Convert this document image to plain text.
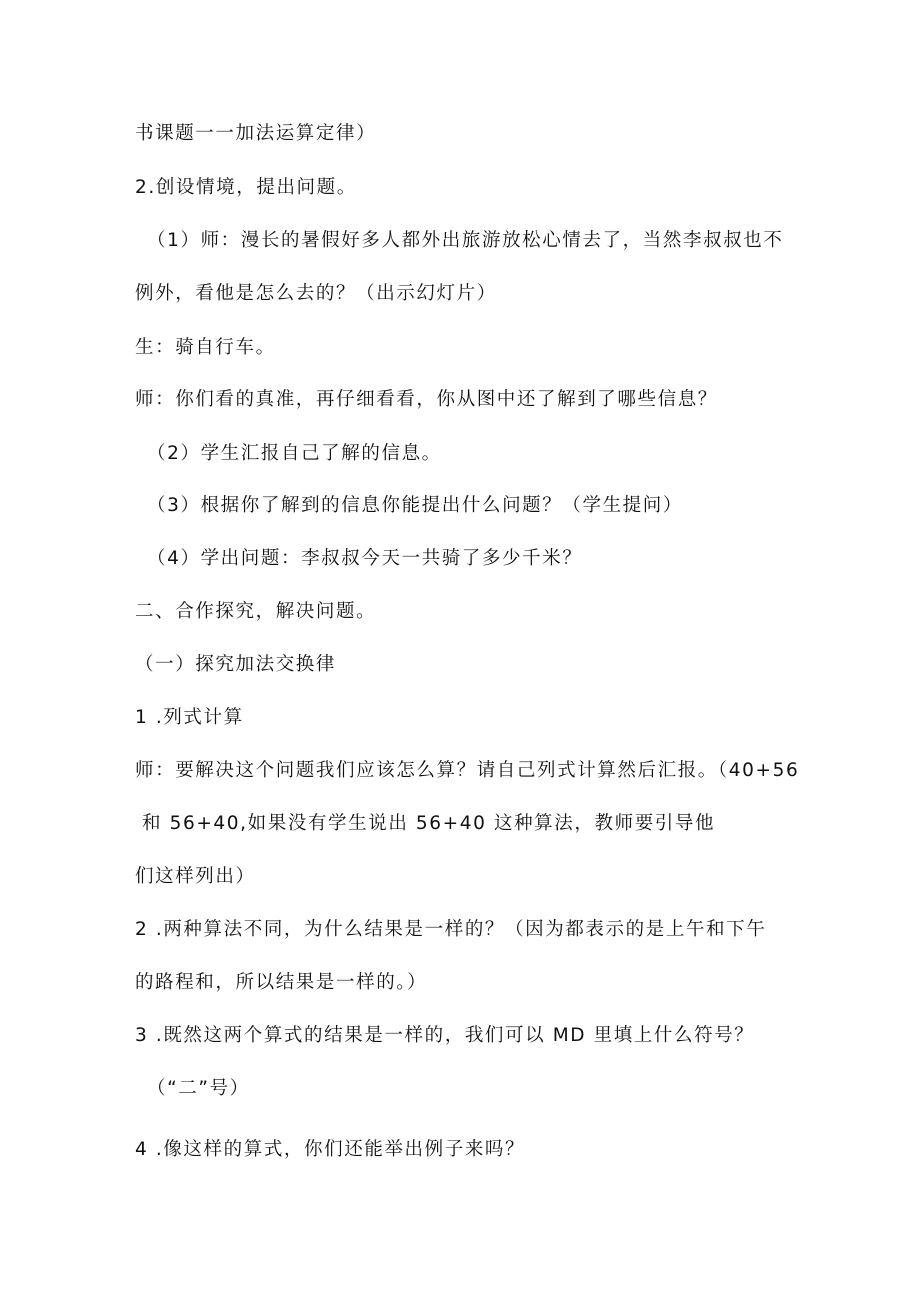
书课题一一加法运算定律）
2.创设情境，提出问题。
（1）师：漫长的暑假好多人都外出旅游放松心情去了，当然李叔叔也不
例外，看他是怎么去的？（出示幻灯片）
生：骑自行车。
师：你们看的真准，再仔细看看，你从图中还了解到了哪些信息？
（2）学生汇报自己了解的信息。
（3）根据你了解到的信息你能提出什么问题？（学生提问）
（4）学出问题：李叔叔今天一共骑了多少千米？
二、合作探究，解决问题。
（一）探究加法交换律
1 .列式计算
师：要解决这个问题我们应该怎么算？请自己列式计算然后汇报。（40+56
和 56+40,如果没有学生说出 56+40 这种算法，教师要引导他
们这样列出）
2 .两种算法不同，为什么结果是一样的？（因为都表示的是上午和下午
的路程和，所以结果是一样的。）
3 .既然这两个算式的结果是一样的，我们可以 MD 里填上什么符号？
（“二”号）
4 .像这样的算式，你们还能举出例子来吗？
